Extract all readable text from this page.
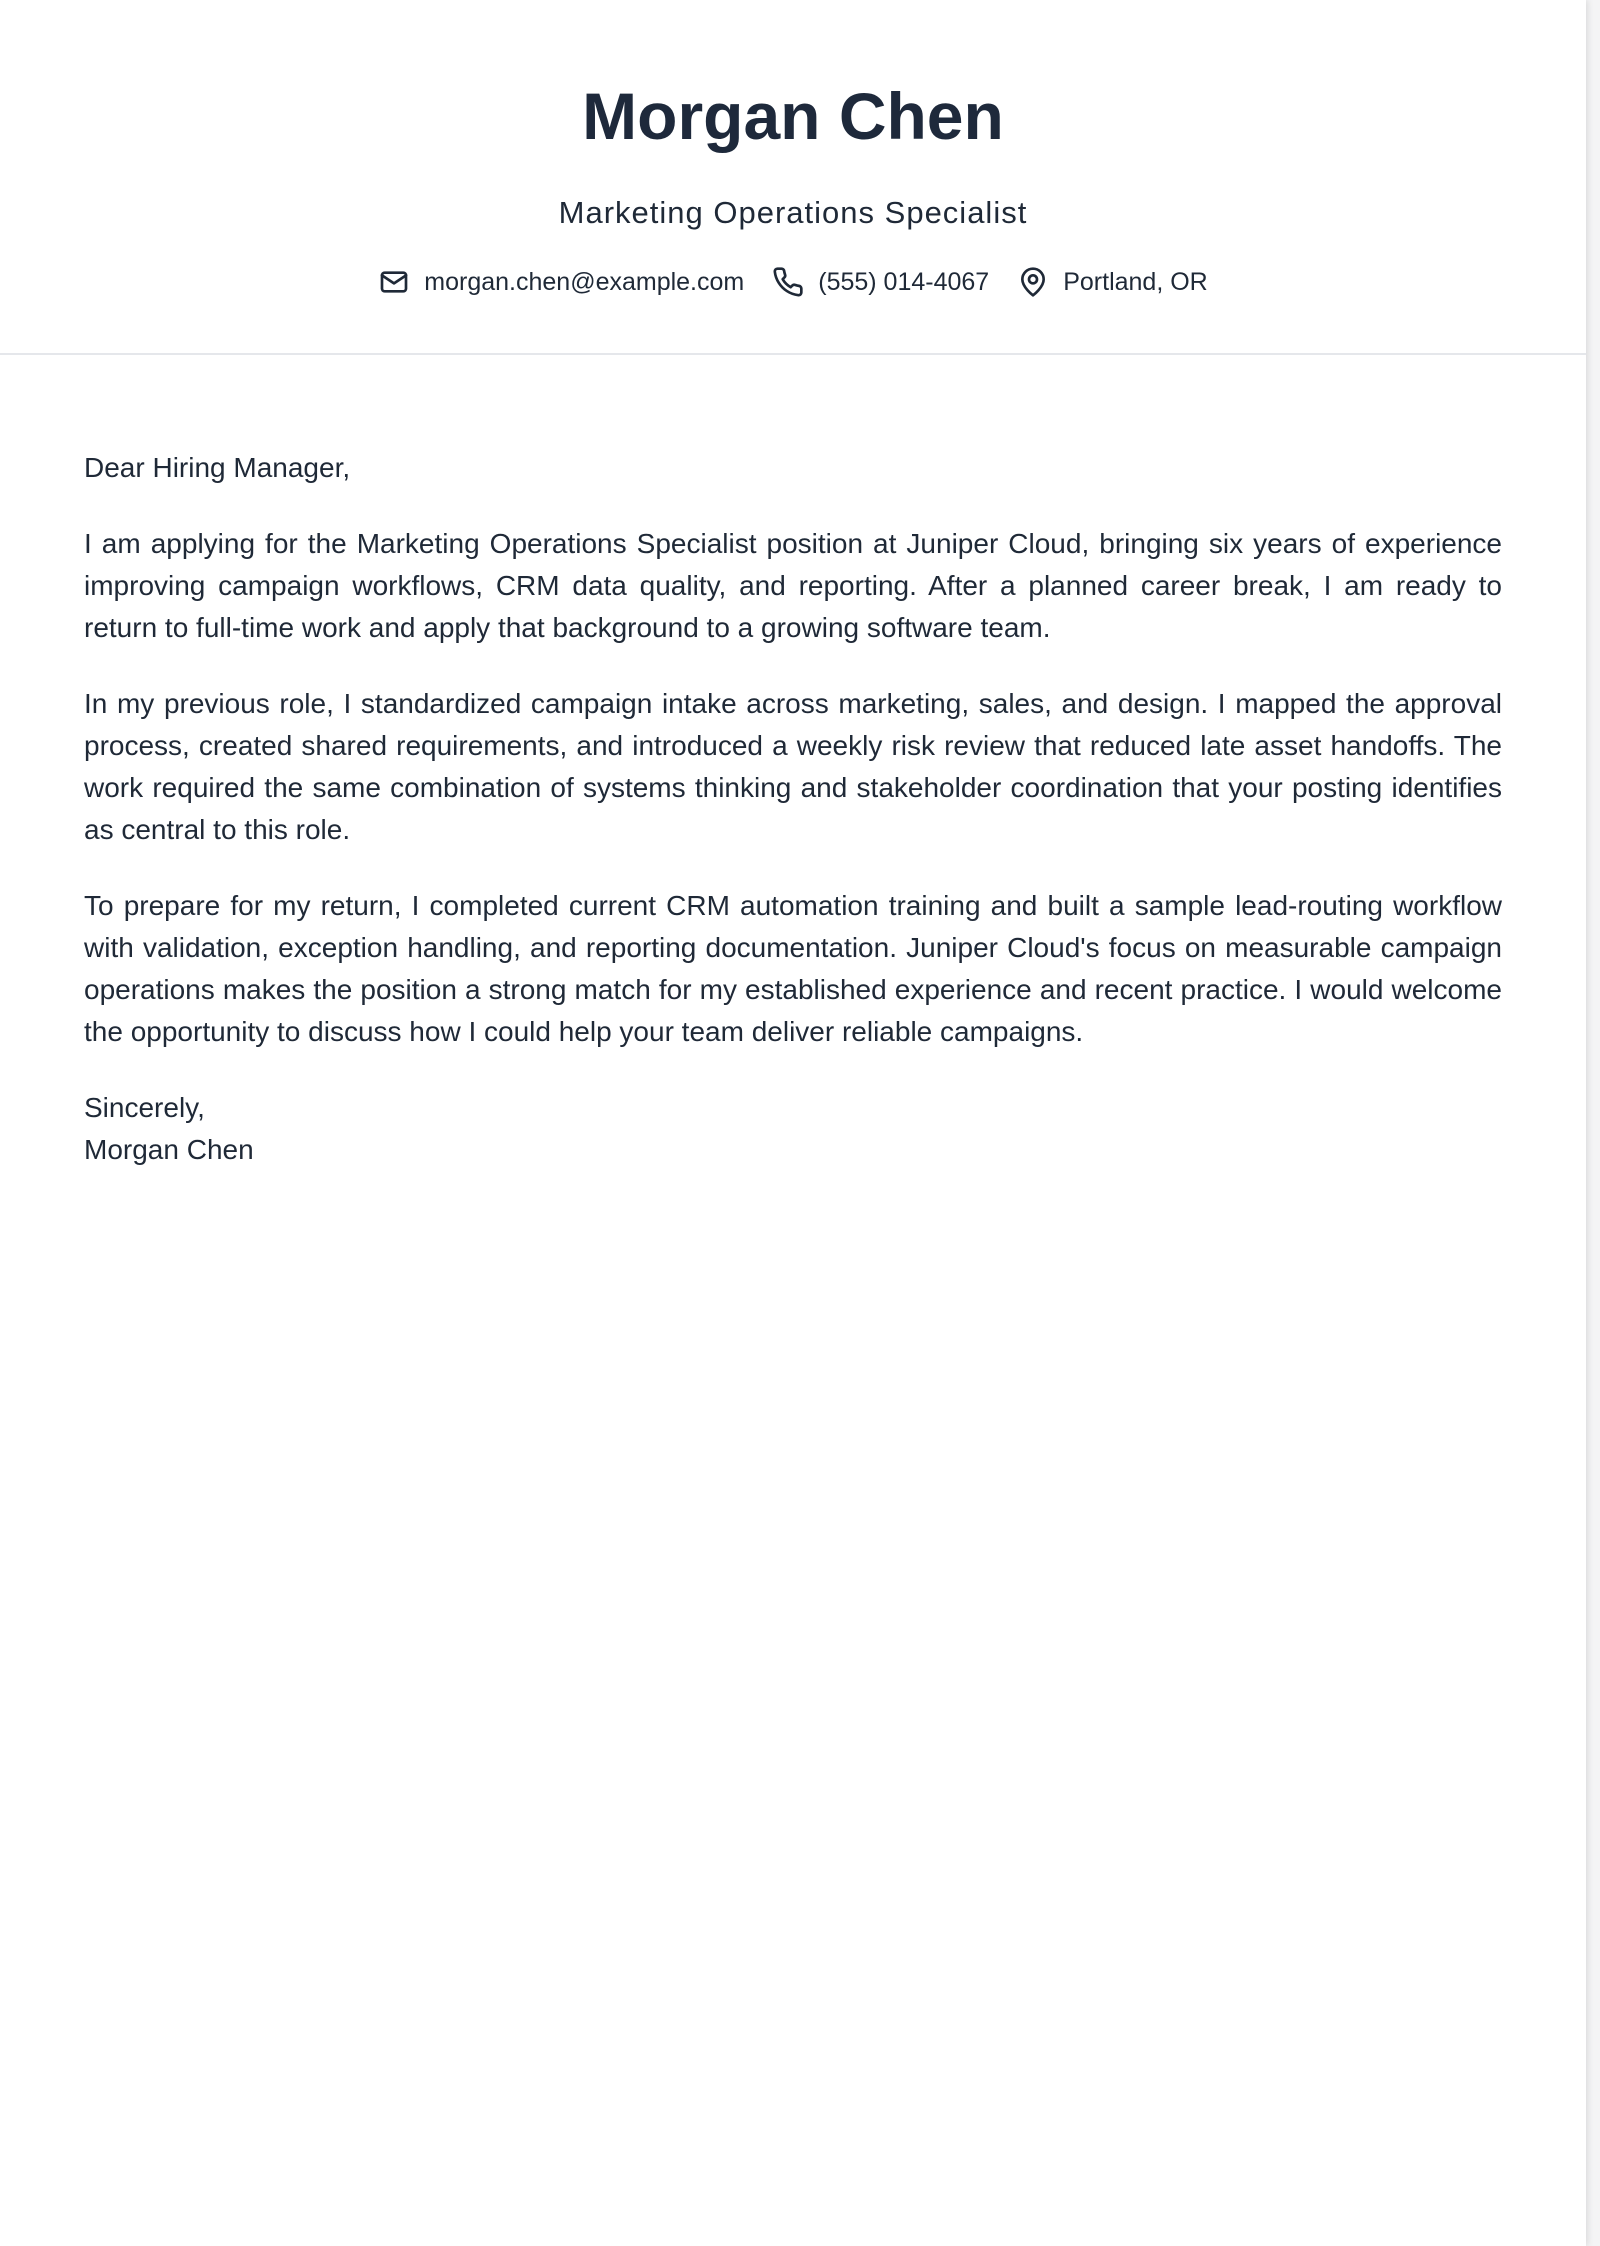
Morgan Chen
Marketing Operations Specialist
morgan.chen@example.com	(555) 014-4067	Portland, OR

Dear Hiring Manager,

I am applying for the Marketing Operations Specialist position at Juniper Cloud, bringing six years of experience improving campaign workflows, CRM data quality, and reporting. After a planned career break, I am ready to return to full-time work and apply that background to a growing software team.

In my previous role, I standardized campaign intake across marketing, sales, and design. I mapped the approval process, created shared requirements, and introduced a weekly risk review that reduced late asset handoffs. The work required the same combination of systems thinking and stakeholder coordination that your posting identifies as central to this role.

To prepare for my return, I completed current CRM automation training and built a sample lead-routing workflow with validation, exception handling, and reporting documentation. Juniper Cloud's focus on measurable campaign operations makes the position a strong match for my established experience and recent practice. I would welcome the opportunity to discuss how I could help your team deliver reliable campaigns.

Sincerely,
Morgan Chen
